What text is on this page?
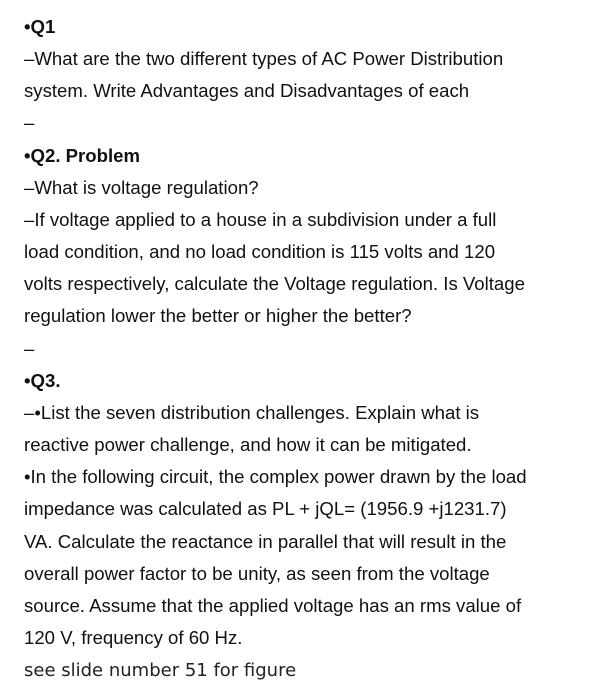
•Q1

–What are the two different types of AC Power Distribution

system. Write Advantages and Disadvantages of each

–

•Q2. Problem

–What is voltage regulation?

–If voltage applied to a house in a subdivision under a full

load condition, and no load condition is 115 volts and 120

volts respectively, calculate the Voltage regulation. Is Voltage

regulation lower the better or higher the better?

–

•Q3.

–•List the seven distribution challenges. Explain what is

reactive power challenge, and how it can be mitigated.

•In the following circuit, the complex power drawn by the load

impedance was calculated as PL + jQL= (1956.9 +j1231.7)

VA. Calculate the reactance in parallel that will result in the

overall power factor to be unity, as seen from the voltage

source. Assume that the applied voltage has an rms value of

120 V, frequency of 60 Hz.

see slide number 51 for figure
